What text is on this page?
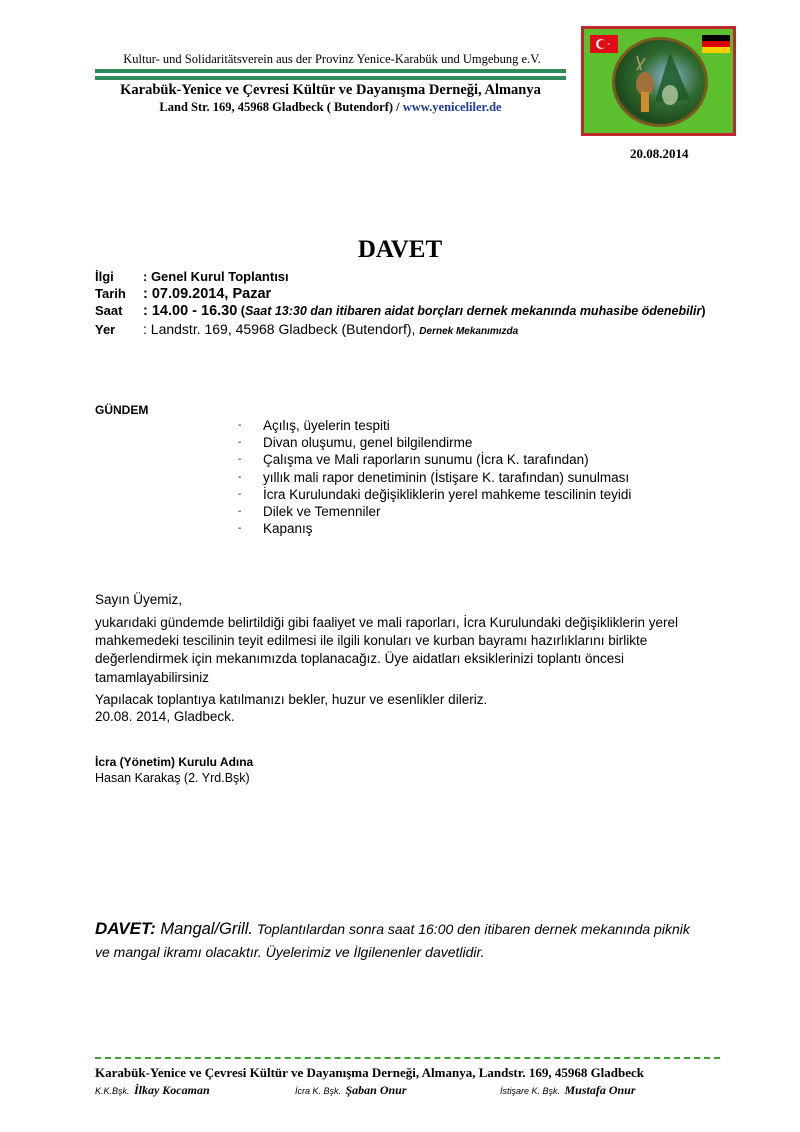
Kultur- und Solidaritätsverein aus der Provinz Yenice-Karabük und Umgebung e.V.
Karabük-Yenice ve Çevresi Kültür ve Dayanışma Derneği, Almanya
Land Str. 169, 45968 Gladbeck ( Butendorf) / www.yeniceliler.de
20.08.2014
DAVET
İlgi : Genel Kurul Toplantısı
Tarih : 07.09.2014, Pazar
Saat : 14.00 - 16.30 (Saat 13:30 dan itibaren aidat borçları dernek mekanında muhasibe ödenebilir)
Yer : Landstr. 169, 45968 Gladbeck (Butendorf), Dernek Mekanımızda
GÜNDEM
- Açılış, üyelerin tespiti
- Divan oluşumu, genel bilgilendirme
- Çalışma ve Mali raporların sunumu (İcra K. tarafından)
- yıllık mali rapor denetiminin (İstişare K. tarafından) sunulması
- İcra Kurulundaki değişikliklerin yerel mahkeme tescilinin teyidi
- Dilek ve Temenniler
- Kapanış
Sayın Üyemiz,
yukarıdaki gündemde belirtildiği gibi faaliyet ve mali raporları, İcra Kurulundaki değişikliklerin yerel
mahkemedeki tescilinin teyit edilmesi ile ilgili konuları ve kurban bayramı hazırlıklarını birlikte
değerlendirmek için mekanımızda toplanacağız. Üye aidatları eksiklerinizi toplantı öncesi
tamamlayabilirsiniz
Yapılacak toplantıya katılmanızı bekler, huzur ve esenlikler dileriz.
20.08. 2014, Gladbeck.
İcra (Yönetim) Kurulu Adına
Hasan Karakaş (2. Yrd.Bşk)
DAVET: Mangal/Grill. Toplantılardan sonra saat 16:00 den itibaren dernek mekanında piknik
ve mangal ikramı olacaktır. Üyelerimiz ve İlgilenenler davetlidir.
Karabük-Yenice ve Çevresi Kültür ve Dayanışma Derneği, Almanya, Landstr. 169, 45968 Gladbeck
K.K.Bşk. İlkay Kocaman	İcra K. Bşk. Şaban Onur	İstişare K. Bşk. Mustafa Onur
